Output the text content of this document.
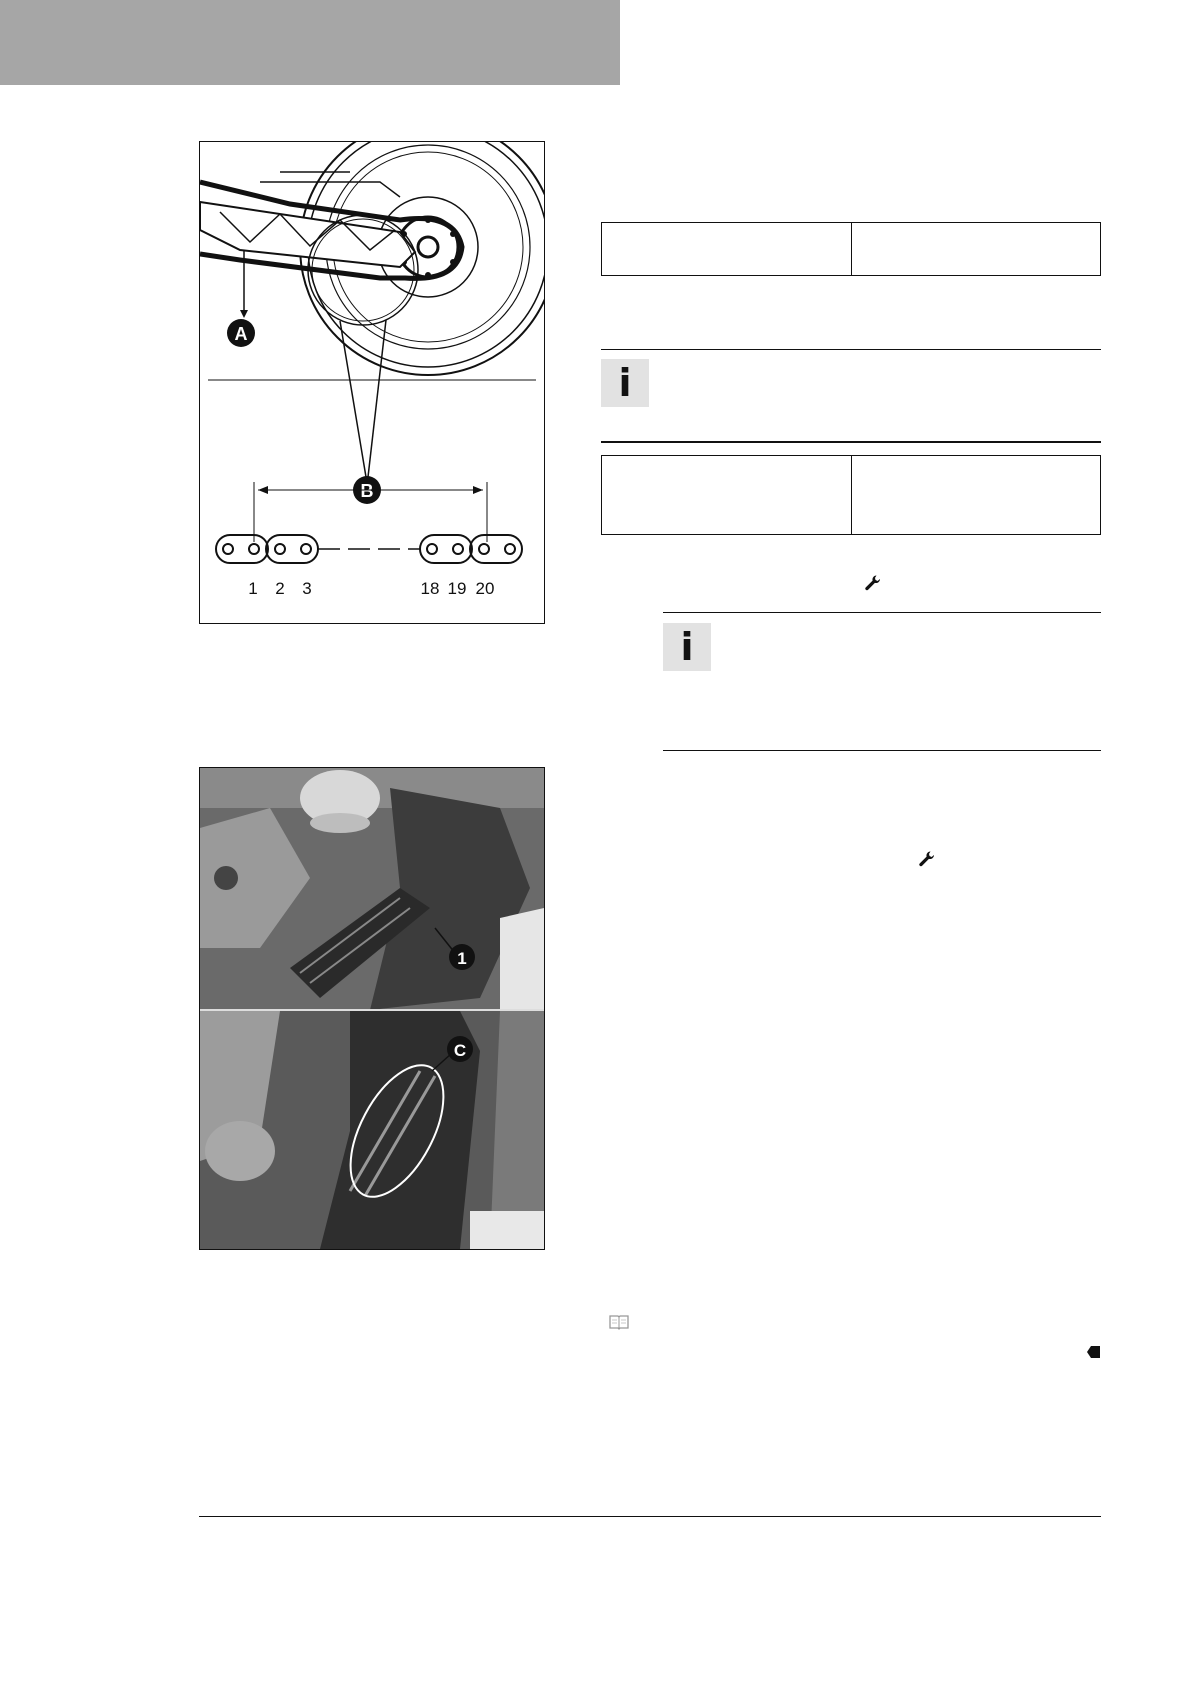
A
B
1 2 3	18 19 20
1
C

i

i
